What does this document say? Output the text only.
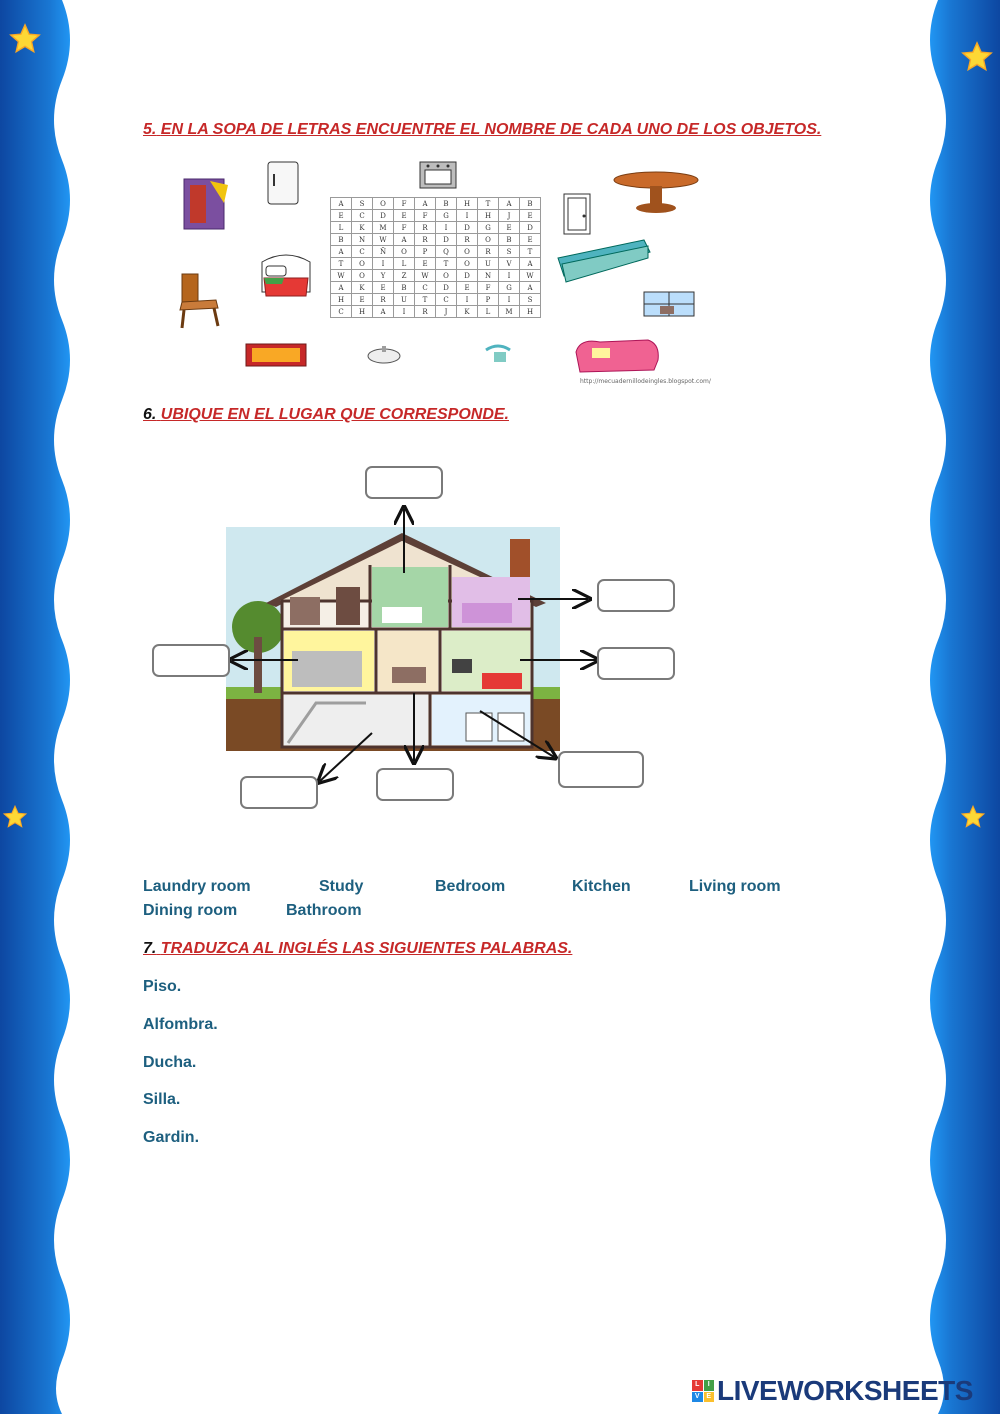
5. EN LA SOPA DE LETRAS ENCUENTRE EL NOMBRE DE CADA UNO DE LOS OBJETOS.
A	S	O	F	A	B	H	T	A	B
E	C	D	E	F	G	I	H	J	E
L	K	M	F	R	I	D	G	E	D
B	N	W	A	R	D	R	O	B	E
A	C	Ñ	O	P	Q	O	R	S	T
T	O	I	L	E	T	O	U	V	A
W	O	Y	Z	W	O	D	N	I	W
A	K	E	B	C	D	E	F	G	A
H	E	R	U	T	C	I	P	I	S
C	H	A	I	R	J	K	L	M	H
http://mecuadernillodeingles.blogspot.com/
6. UBIQUE EN EL LUGAR QUE CORRESPONDE.
Laundry room	Study	Bedroom	Kitchen	Living room
Dining room	Bathroom
7. TRADUZCA AL INGLÉS LAS SIGUIENTES PALABRAS.
Piso.
Alfombra.
Ducha.
Silla.
Gardin.
L	I
V E LIVEWORKSHEETS
